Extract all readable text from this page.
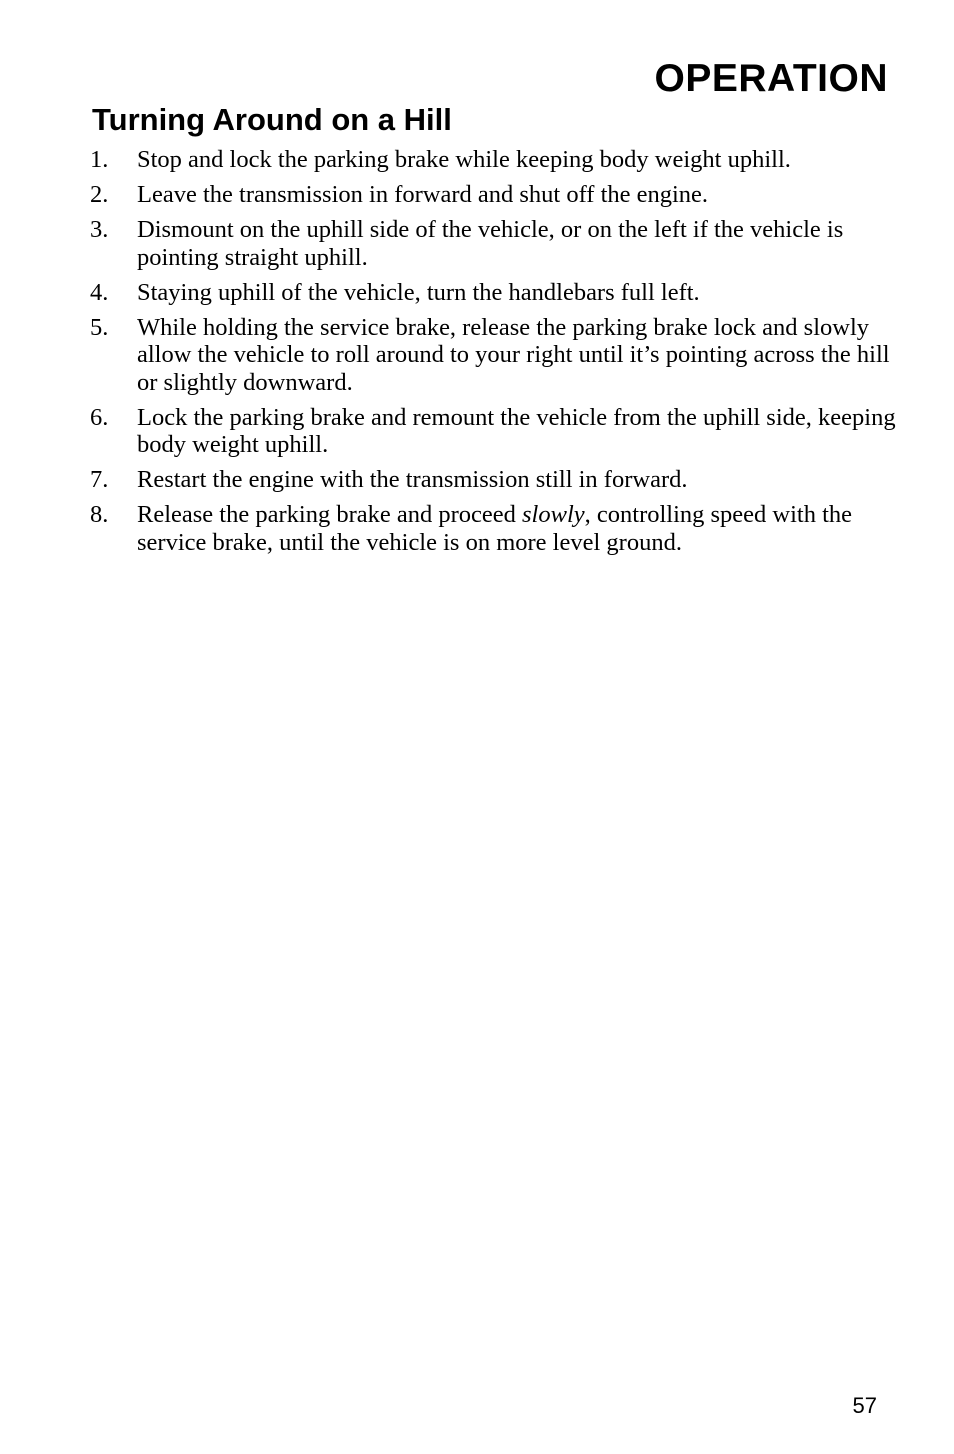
OPERATION
Turning Around on a Hill
1.	Stop and lock the parking brake while keeping body weight uphill.
2.	Leave the transmission in forward and shut off the engine.
3.	Dismount on the uphill side of the vehicle, or on the left if the vehicle is pointing straight uphill.
4.	Staying uphill of the vehicle, turn the handlebars full left.
5.	While holding the service brake, release the parking brake lock and slowly allow the vehicle to roll around to your right until it’s pointing across the hill or slightly downward.
6.	Lock the parking brake and remount the vehicle from the uphill side, keeping body weight uphill.
7.	Restart the engine with the transmission still in forward.
8.	Release the parking brake and proceed slowly, controlling speed with the service brake, until the vehicle is on more level ground.
57
